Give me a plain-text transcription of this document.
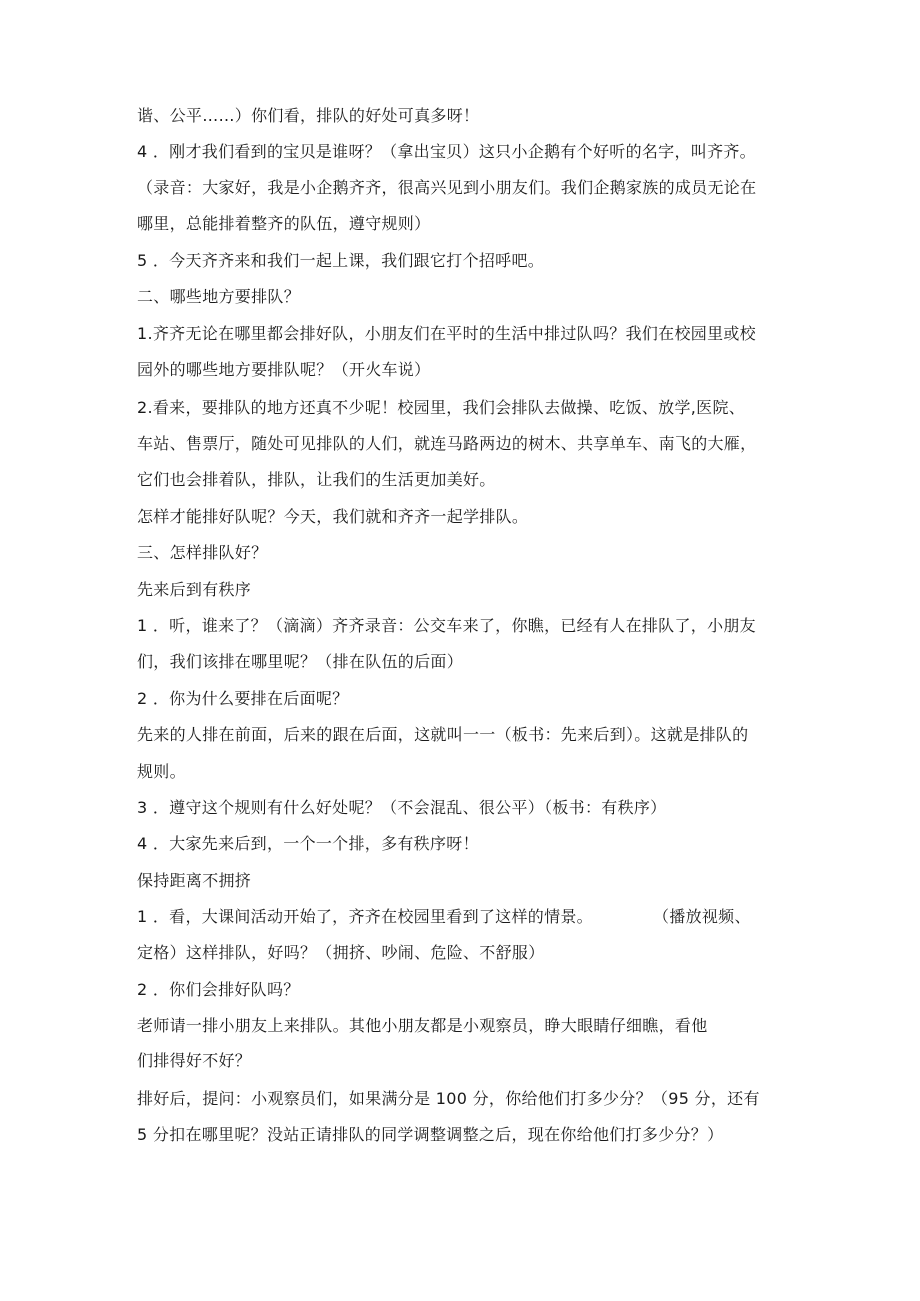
谐、公平……）你们看，排队的好处可真多呀！

4 ．刚才我们看到的宝贝是谁呀？（拿出宝贝）这只小企鹅有个好听的名字，叫齐齐。

（录音：大家好，我是小企鹅齐齐，很高兴见到小朋友们。我们企鹅家族的成员无论在

哪里，总能排着整齐的队伍，遵守规则）

5 ．今天齐齐来和我们一起上课，我们跟它打个招呼吧。

二、哪些地方要排队？

1.齐齐无论在哪里都会排好队，小朋友们在平时的生活中排过队吗？我们在校园里或校

园外的哪些地方要排队呢？（开火车说）

2.看来，要排队的地方还真不少呢！校园里，我们会排队去做操、吃饭、放学,医院、

车站、售票厅，随处可见排队的人们，就连马路两边的树木、共享单车、南飞的大雁，

它们也会排着队，排队，让我们的生活更加美好。

怎样才能排好队呢？今天，我们就和齐齐一起学排队。

三、怎样排队好？

先来后到有秩序

1 ．听，谁来了？（滴滴）齐齐录音：公交车来了，你瞧，已经有人在排队了，小朋友

们，我们该排在哪里呢？（排在队伍的后面）

2 ．你为什么要排在后面呢？

先来的人排在前面，后来的跟在后面，这就叫一一（板书：先来后到）。这就是排队的

规则。

3 ．遵守这个规则有什么好处呢？（不会混乱、很公平）（板书：有秩序）

4 ．大家先来后到，一个一个排，多有秩序呀！

保持距离不拥挤

1 ．看，大课间活动开始了，齐齐在校园里看到了这样的情景。	（播放视频、

定格）这样排队，好吗？（拥挤、吵闹、危险、不舒服）

2 ．你们会排好队吗？

老师请一排小朋友上来排队。其他小朋友都是小观察员，睁大眼睛仔细瞧，看他

们排得好不好？

排好后，提问：小观察员们，如果满分是 100 分，你给他们打多少分？（95 分，还有

5 分扣在哪里呢？没站正请排队的同学调整调整之后，现在你给他们打多少分？）
